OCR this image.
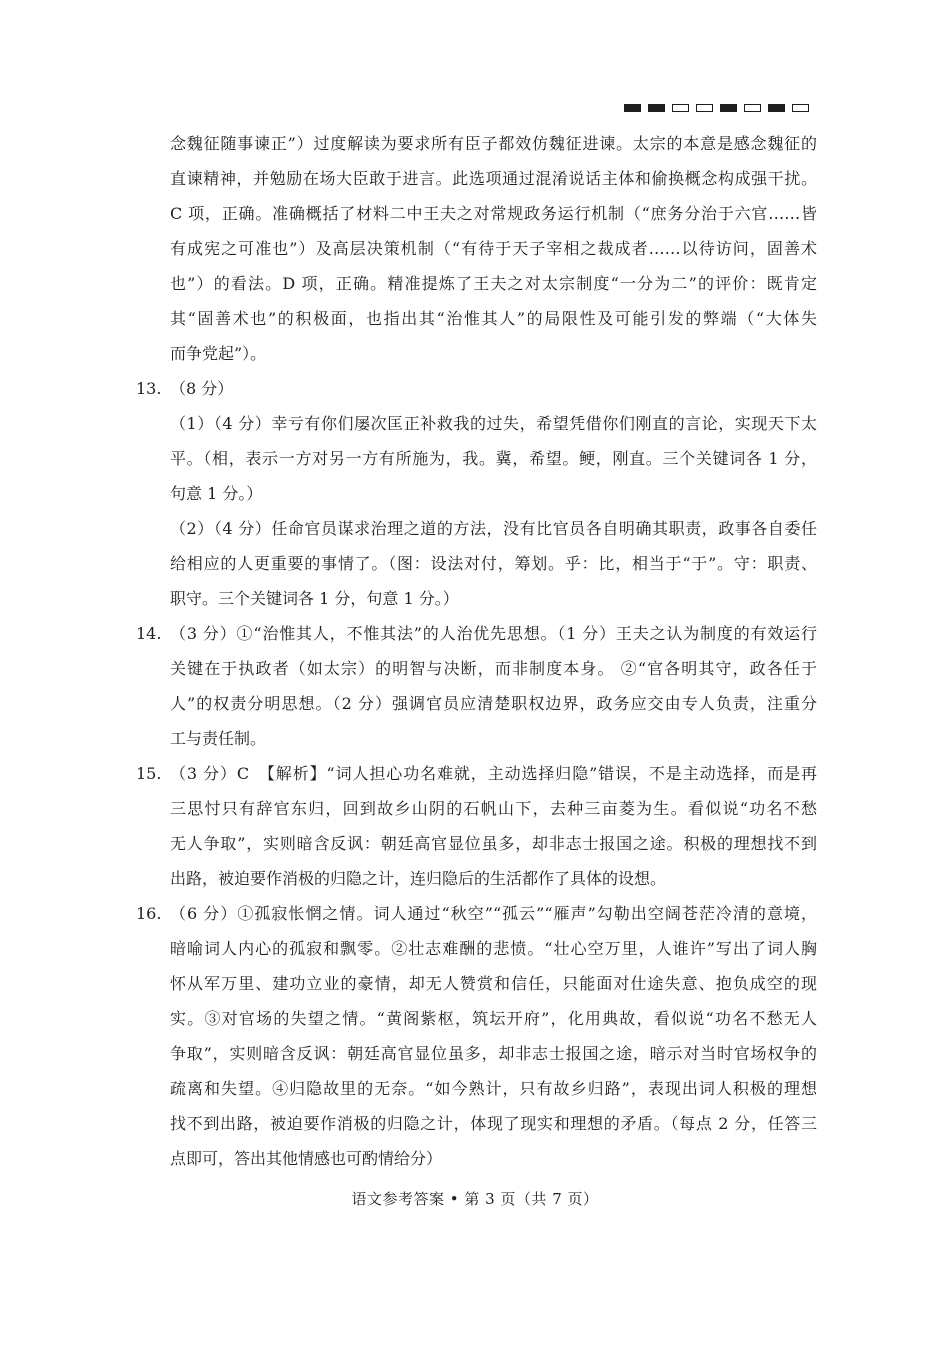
念魏征随事谏正”）过度解读为要求所有臣子都效仿魏征进谏。太宗的本意是感念魏征的
直谏精神，并勉励在场大臣敢于进言。此选项通过混淆说话主体和偷换概念构成强干扰。
C 项，正确。准确概括了材料二中王夫之对常规政务运行机制（“庶务分治于六官……皆
有成宪之可准也”）及高层决策机制（“有待于天子宰相之裁成者……以待访问，固善术
也”）的看法。D 项，正确。精准提炼了王夫之对太宗制度“一分为二”的评价：既肯定
其“固善术也”的积极面，也指出其“治惟其人”的局限性及可能引发的弊端（“大体失
而争党起”）。
13. （8 分）
（1）（4 分）幸亏有你们屡次匡正补救我的过失，希望凭借你们刚直的言论，实现天下太
平。（相，表示一方对另一方有所施为，我。冀，希望。鲠，刚直。三个关键词各 1 分，
句意 1 分。）
（2）（4 分）任命官员谋求治理之道的方法，没有比官员各自明确其职责，政事各自委任
给相应的人更重要的事情了。（图：设法对付，筹划。乎：比，相当于“于”。守：职责、
职守。三个关键词各 1 分，句意 1 分。）
14. （3 分）①“治惟其人，不惟其法”的人治优先思想。（1 分）王夫之认为制度的有效运行
关键在于执政者（如太宗）的明智与决断，而非制度本身。 ②“官各明其守，政各任于
人”的权责分明思想。（2 分）强调官员应清楚职权边界，政务应交由专人负责，注重分
工与责任制。
15. （3 分）C　【解析】“词人担心功名难就，主动选择归隐”错误，不是主动选择，而是再
三思忖只有辞官东归，回到故乡山阴的石帆山下，去种三亩菱为生。看似说“功名不愁
无人争取”，实则暗含反讽：朝廷高官显位虽多，却非志士报国之途。积极的理想找不到
出路，被迫要作消极的归隐之计，连归隐后的生活都作了具体的设想。
16. （6 分）①孤寂怅惘之情。词人通过“秋空”“孤云”“雁声”勾勒出空阔苍茫冷清的意境，
暗喻词人内心的孤寂和飘零。②壮志难酬的悲愤。“壮心空万里，人谁许”写出了词人胸
怀从军万里、建功立业的豪情，却无人赞赏和信任，只能面对仕途失意、抱负成空的现
实。③对官场的失望之情。“黄阁紫枢，筑坛开府”，化用典故，看似说“功名不愁无人
争取”，实则暗含反讽：朝廷高官显位虽多，却非志士报国之途，暗示对当时官场权争的
疏离和失望。④归隐故里的无奈。“如今熟计，只有故乡归路”，表现出词人积极的理想
找不到出路，被迫要作消极的归隐之计，体现了现实和理想的矛盾。（每点 2 分，任答三
点即可，答出其他情感也可酌情给分）
语文参考答案 • 第 3 页（共 7 页）
